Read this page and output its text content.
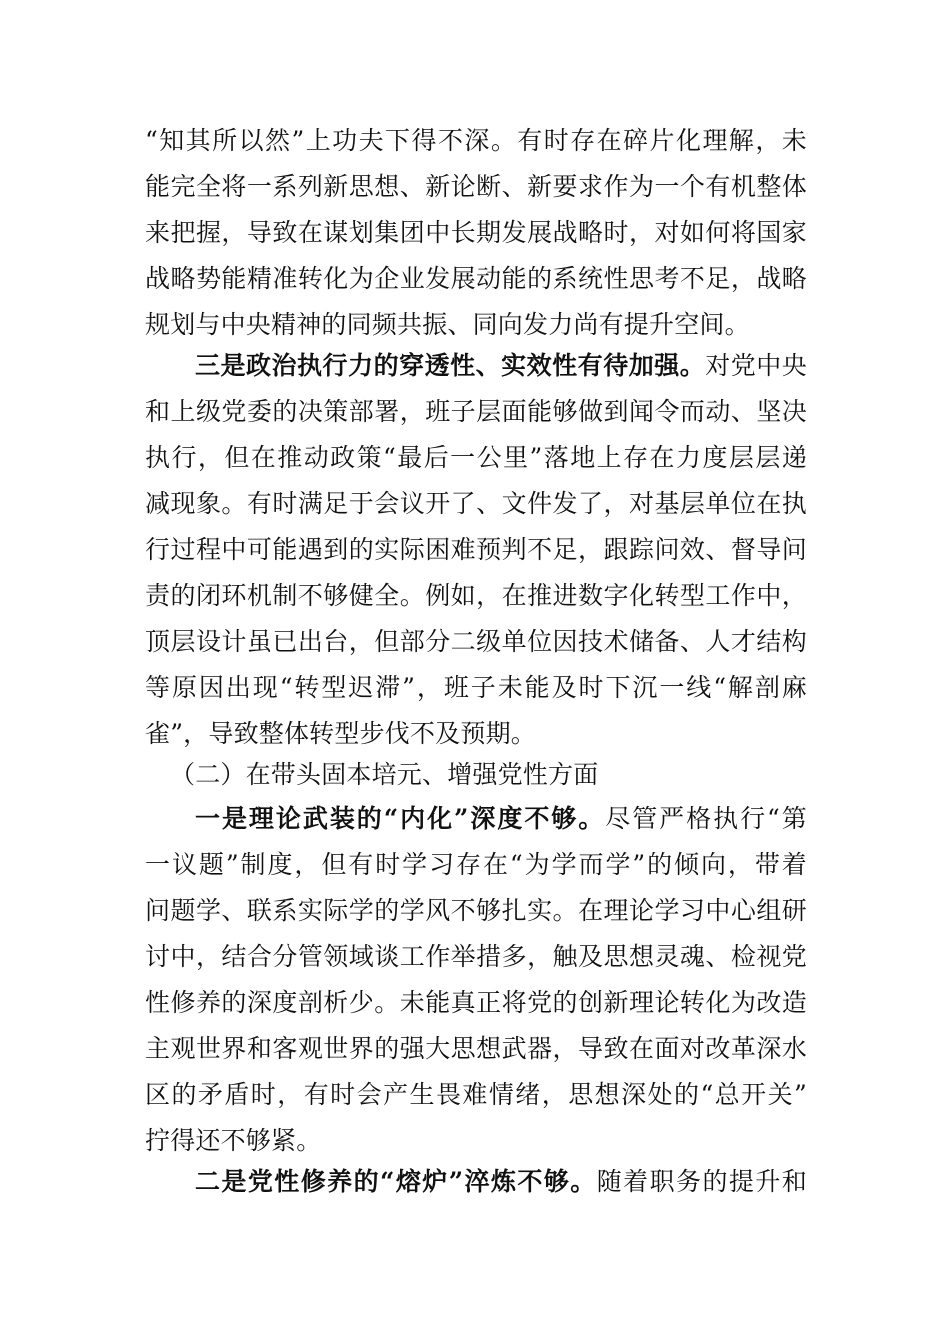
“知其所以然”上功夫下得不深。有时存在碎片化理解，未
能完全将一系列新思想、新论断、新要求作为一个有机整体
来把握，导致在谋划集团中长期发展战略时，对如何将国家
战略势能精准转化为企业发展动能的系统性思考不足，战略
规划与中央精神的同频共振、同向发力尚有提升空间。
三是政治执行力的穿透性、实效性有待加强。对党中央
和上级党委的决策部署，班子层面能够做到闻令而动、坚决
执行，但在推动政策“最后一公里”落地上存在力度层层递
减现象。有时满足于会议开了、文件发了，对基层单位在执
行过程中可能遇到的实际困难预判不足，跟踪问效、督导问
责的闭环机制不够健全。例如，在推进数字化转型工作中，
顶层设计虽已出台，但部分二级单位因技术储备、人才结构
等原因出现“转型迟滞”，班子未能及时下沉一线“解剖麻
雀”，导致整体转型步伐不及预期。
（二）在带头固本培元、增强党性方面
一是理论武装的“内化”深度不够。尽管严格执行“第
一议题”制度，但有时学习存在“为学而学”的倾向，带着
问题学、联系实际学的学风不够扎实。在理论学习中心组研
讨中，结合分管领域谈工作举措多，触及思想灵魂、检视党
性修养的深度剖析少。未能真正将党的创新理论转化为改造
主观世界和客观世界的强大思想武器，导致在面对改革深水
区的矛盾时，有时会产生畏难情绪，思想深处的“总开关”
拧得还不够紧。
二是党性修养的“熔炉”淬炼不够。随着职务的提升和
